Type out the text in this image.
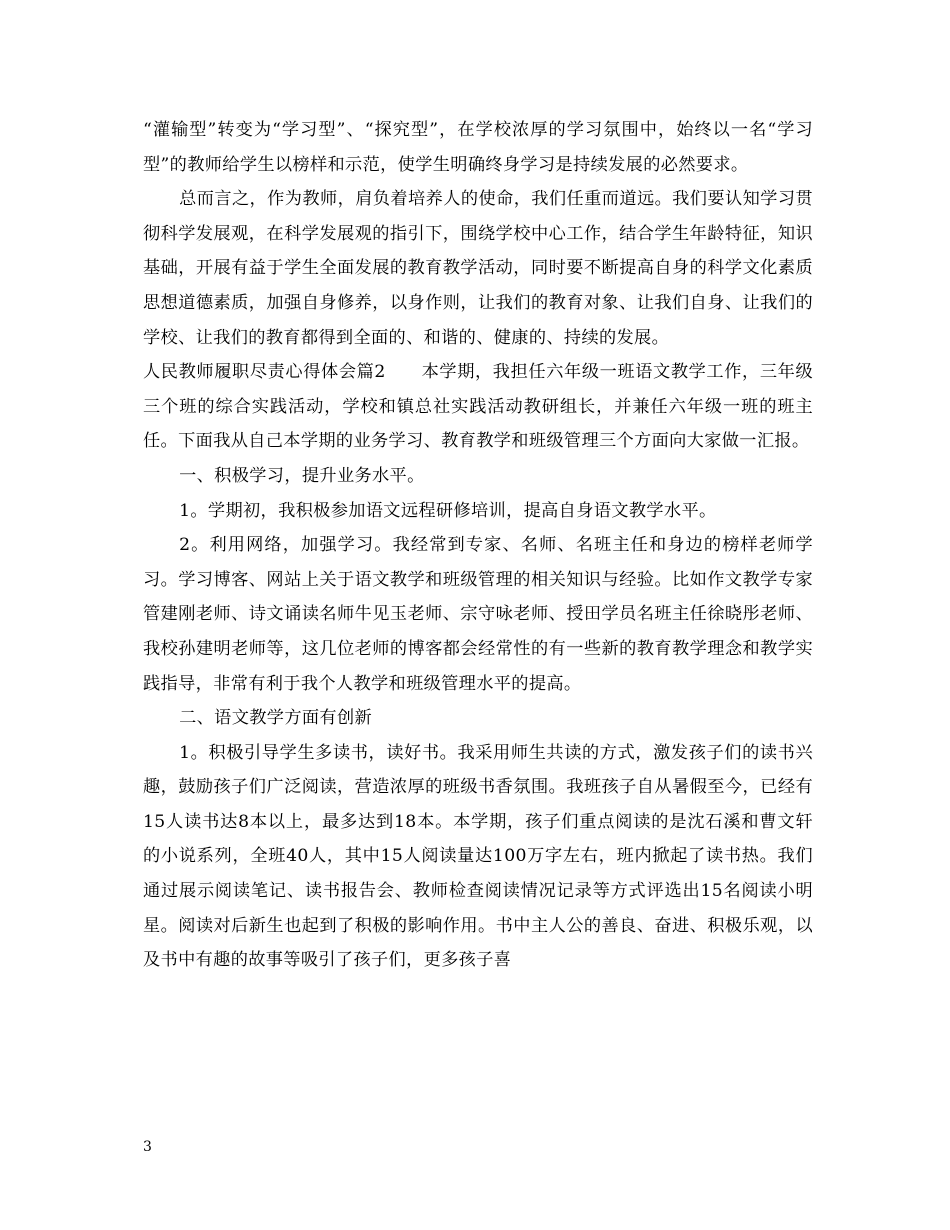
“灌输型”转变为“学习型”、“探究型”，在学校浓厚的学习氛围中，始终以一名“学习型”的教师给学生以榜样和示范，使学生明确终身学习是持续发展的必然要求。

总而言之，作为教师，肩负着培养人的使命，我们任重而道远。我们要认知学习贯彻科学发展观，在科学发展观的指引下，围绕学校中心工作，结合学生年龄特征，知识基础，开展有益于学生全面发展的教育教学活动，同时要不断提高自身的科学文化素质思想道德素质，加强自身修养，以身作则，让我们的教育对象、让我们自身、让我们的学校、让我们的教育都得到全面的、和谐的、健康的、持续的发展。

人民教师履职尽责心得体会篇2　　本学期，我担任六年级一班语文教学工作，三年级三个班的综合实践活动，学校和镇总社实践活动教研组长，并兼任六年级一班的班主任。下面我从自己本学期的业务学习、教育教学和班级管理三个方面向大家做一汇报。

一、积极学习，提升业务水平。

1。学期初，我积极参加语文远程研修培训，提高自身语文教学水平。

2。利用网络，加强学习。我经常到专家、名师、名班主任和身边的榜样老师学习。学习博客、网站上关于语文教学和班级管理的相关知识与经验。比如作文教学专家管建刚老师、诗文诵读名师牛见玉老师、宗守咏老师、授田学员名班主任徐晓彤老师、我校孙建明老师等，这几位老师的博客都会经常性的有一些新的教育教学理念和教学实践指导，非常有利于我个人教学和班级管理水平的提高。

二、语文教学方面有创新

1。积极引导学生多读书，读好书。我采用师生共读的方式，激发孩子们的读书兴趣，鼓励孩子们广泛阅读，营造浓厚的班级书香氛围。我班孩子自从暑假至今，已经有15人读书达8本以上，最多达到18本。本学期，孩子们重点阅读的是沈石溪和曹文轩的小说系列，全班40人，其中15人阅读量达100万字左右，班内掀起了读书热。我们通过展示阅读笔记、读书报告会、教师检查阅读情况记录等方式评选出15名阅读小明星。阅读对后新生也起到了积极的影响作用。书中主人公的善良、奋进、积极乐观，以及书中有趣的故事等吸引了孩子们，更多孩子喜

3
